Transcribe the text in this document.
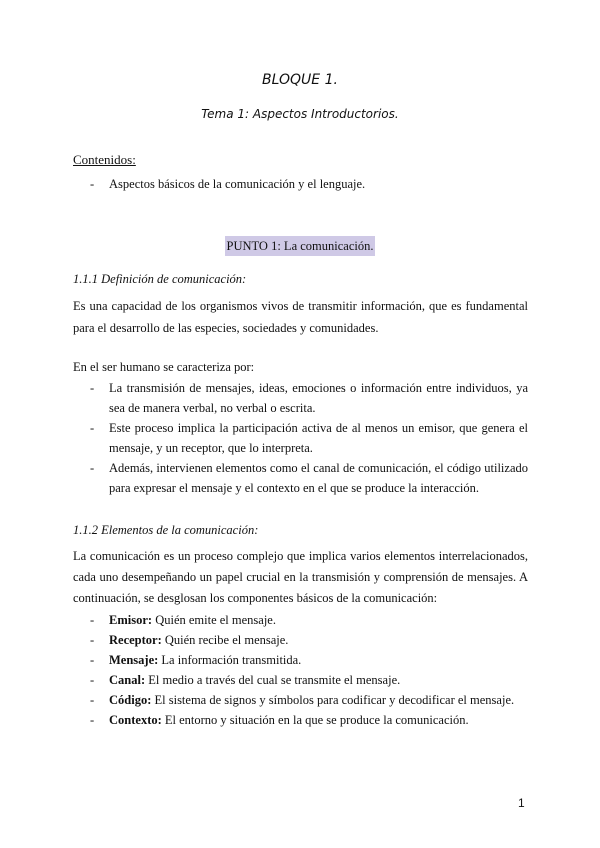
BLOQUE 1.
Tema 1: Aspectos Introductorios.
Contenidos:
- Aspectos básicos de la comunicación y el lenguaje.
PUNTO 1: La comunicación.
1.1.1 Definición de comunicación:
Es una capacidad de los organismos vivos de transmitir información, que es fundamental para el desarrollo de las especies, sociedades y comunidades.
En el ser humano se caracteriza por:
- La transmisión de mensajes, ideas, emociones o información entre individuos, ya sea de manera verbal, no verbal o escrita.
- Este proceso implica la participación activa de al menos un emisor, que genera el mensaje, y un receptor, que lo interpreta.
- Además, intervienen elementos como el canal de comunicación, el código utilizado para expresar el mensaje y el contexto en el que se produce la interacción.
1.1.2 Elementos de la comunicación:
La comunicación es un proceso complejo que implica varios elementos interrelacionados, cada uno desempeñando un papel crucial en la transmisión y comprensión de mensajes. A continuación, se desglosan los componentes básicos de la comunicación:
- Emisor: Quién emite el mensaje.
- Receptor: Quién recibe el mensaje.
- Mensaje: La información transmitida.
- Canal: El medio a través del cual se transmite el mensaje.
- Código: El sistema de signos y símbolos para codificar y decodificar el mensaje.
- Contexto: El entorno y situación en la que se produce la comunicación.
1
